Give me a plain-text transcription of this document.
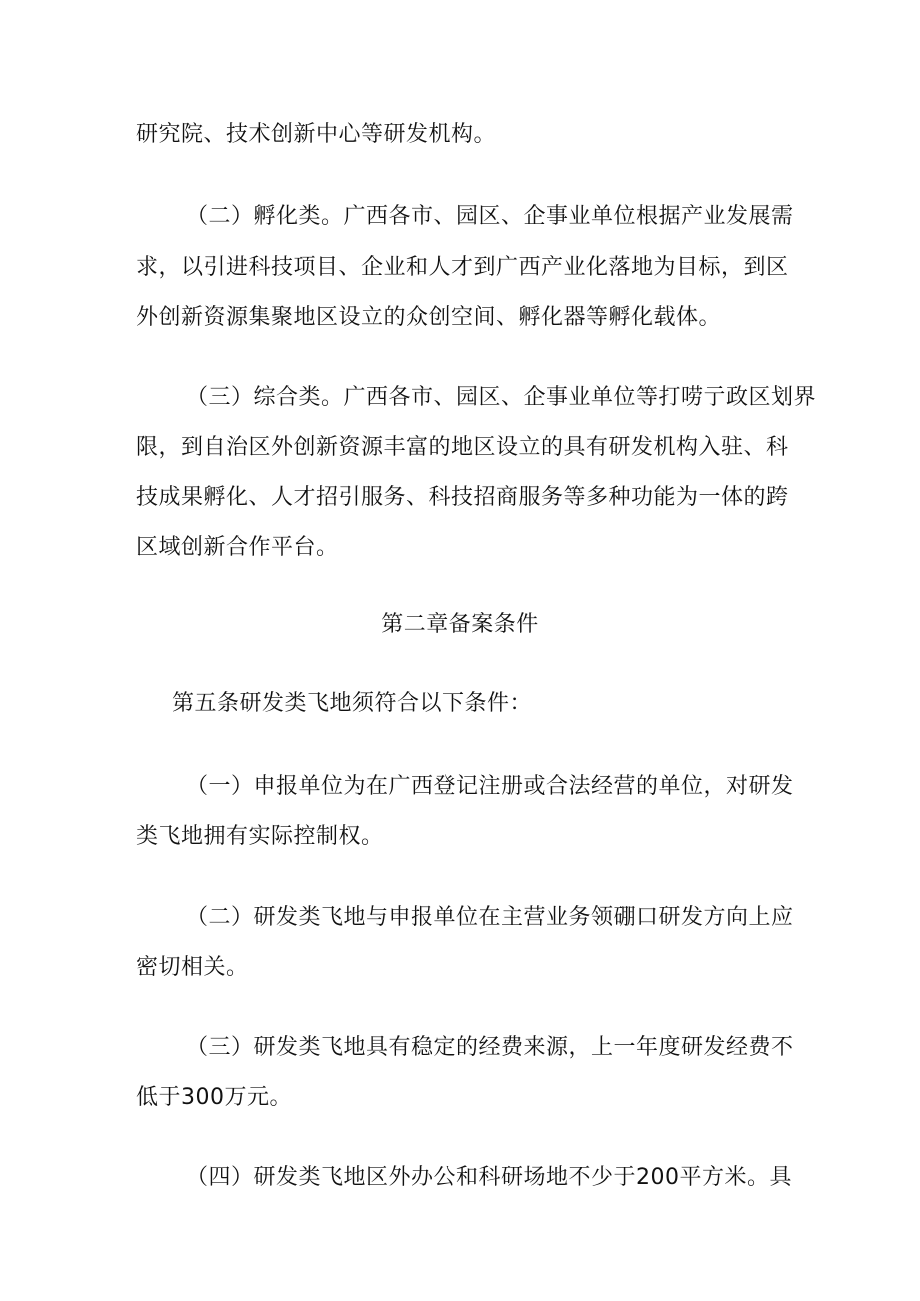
研究院、技术创新中心等研发机构。
（二）孵化类。广西各市、园区、企事业单位根据产业发展需
求，以引进科技项目、企业和人才到广西产业化落地为目标，到区
外创新资源集聚地区设立的众创空间、孵化器等孵化载体。
（三）综合类。广西各市、园区、企事业单位等打唠亍政区划界
限，到自治区外创新资源丰富的地区设立的具有研发机构入驻、科
技成果孵化、人才招引服务、科技招商服务等多种功能为一体的跨
区域创新合作平台。
第二章备案条件
第五条研发类飞地须符合以下条件：
（一）申报单位为在广西登记注册或合法经营的单位，对研发
类飞地拥有实际控制权。
（二）研发类飞地与申报单位在主营业务领硼口研发方向上应
密切相关。
（三）研发类飞地具有稳定的经费来源，上一年度研发经费不
低于300万元。
（四）研发类飞地区外办公和科研场地不少于200平方米。具
